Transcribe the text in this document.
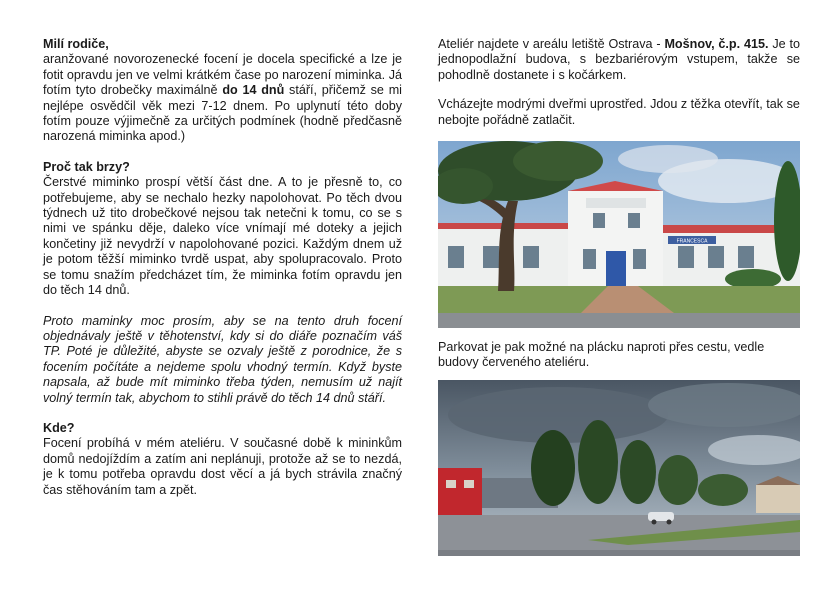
Milí rodiče,

aranžované novorozenecké focení je docela specifické a lze je fotit opravdu jen ve velmi krátkém čase po narození miminka. Já fotím tyto drobečky maximálně do 14 dnů stáří, přičemž se mi nejlépe osvědčil věk mezi 7-12 dnem. Po uplynutí této doby fotím pouze výjimečně za určitých podmínek (hodně předčasně narozená miminka apod.)

Proč tak brzy?

Čerstvé miminko prospí větší část dne. A to je přesně to, co potřebujeme, aby se nechalo hezky napolohovat. Po těch dvou týdnech už tito drobečkové nejsou tak netečni k tomu, co se s nimi ve spánku děje, daleko více vnímají mé doteky a jejich končetiny již nevydrží v napolohované pozici. Každým dnem už je potom těžší miminko tvrdě uspat, aby spolupracovalo. Proto se tomu snažím předcházet tím, že miminka fotím opravdu jen do těch 14 dnů.

Proto maminky moc prosím, aby se na tento druh focení objednávaly ještě v těhotenství, kdy si do diáře poznačím váš TP. Poté je důležité, abyste se ozvaly ještě z porodnice, že s focením počítáte a nejdeme spolu vhodný termín. Když byste napsala, až bude mít miminko třeba týden, nemusím už najít volný termín tak, abychom to stihli právě do těch 14 dnů stáří.

Kde?

Focení probíhá v mém ateliéru. V současné době k mininkům domů nedojíždím a zatím ani neplánuji, protože až se to nezdá, je k tomu potřeba opravdu dost věcí a já bych strávila značný čas stěhováním tam a zpět.

Ateliér najdete v areálu letiště Ostrava - Mošnov, č.p. 415. Je to jednopodlažní budova, s bezbariérovým vstupem, takže se pohodlně dostanete i s kočárkem.

Vcházejte modrými dveřmi uprostřed. Jdou z těžka otevřít, tak se nebojte pořádně zatlačit.

FRANCESCA

Parkovat je pak možné na plácku naproti přes cestu, vedle budovy červeného ateliéru.
